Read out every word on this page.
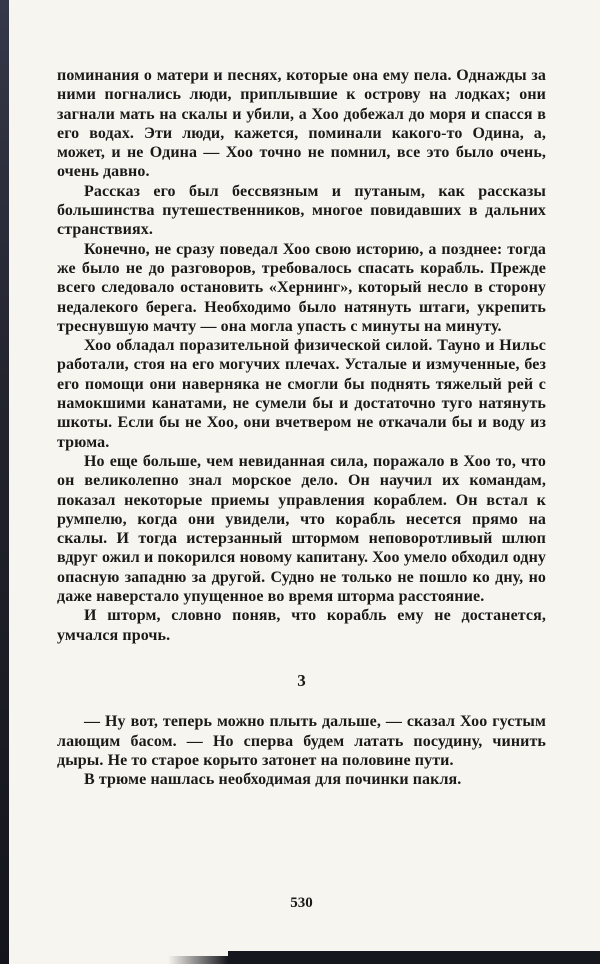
поминания о матери и песнях, которые она ему пела. Однажды за ними погнались люди, приплывшие к острову на лодках; они загнали мать на скалы и убили, а Хоо добежал до моря и спасся в его водах. Эти люди, кажется, поминали какого-то Одина, а, может, и не Одина — Хоо точно не помнил, все это было очень, очень давно.

Рассказ его был бессвязным и путаным, как рассказы большинства путешественников, многое повидавших в дальних странствиях.

Конечно, не сразу поведал Хоо свою историю, а позднее: тогда же было не до разговоров, требовалось спасать корабль. Прежде всего следовало остановить «Хернинг», который несло в сторону недалекого берега. Необходимо было натянуть штаги, укрепить треснувшую мачту — она могла упасть с минуты на минуту.

Хоо обладал поразительной физической силой. Тауно и Нильс работали, стоя на его могучих плечах. Усталые и измученные, без его помощи они наверняка не смогли бы поднять тяжелый рей с намокшими канатами, не сумели бы и достаточно туго натянуть шкоты. Если бы не Хоо, они вчетвером не откачали бы и воду из трюма.

Но еще больше, чем невиданная сила, поражало в Хоо то, что он великолепно знал морское дело. Он научил их командам, показал некоторые приемы управления кораблем. Он встал к румпелю, когда они увидели, что корабль несется прямо на скалы. И тогда истерзанный штормом неповоротливый шлюп вдруг ожил и покорился новому капитану. Хоо умело обходил одну опасную западню за другой. Судно не только не пошло ко дну, но даже наверстало упущенное во время шторма расстояние.

И шторм, словно поняв, что корабль ему не достанется, умчался прочь.

3

— Ну вот, теперь можно плыть дальше, — сказал Хоо густым лающим басом. — Но сперва будем латать посудину, чинить дыры. Не то старое корыто затонет на половине пути.

В трюме нашлась необходимая для починки пакля.

530
